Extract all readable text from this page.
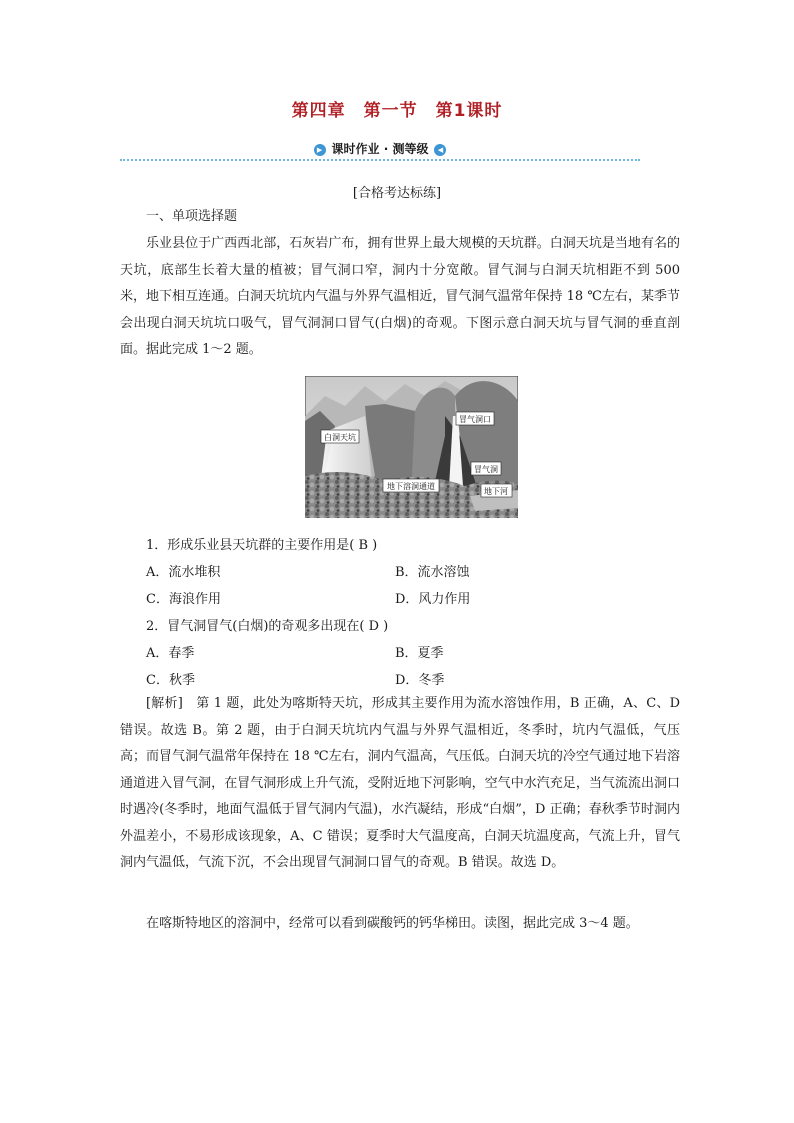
第四章　第一节　第1课时
▶ 课时作业 · 测等级 ◀
[合格考达标练]

一、单项选择题

乐业县位于广西西北部，石灰岩广布，拥有世界上最大规模的天坑群。白洞天坑是当地有名的天坑，底部生长着大量的植被；冒气洞口窄，洞内十分宽敞。冒气洞与白洞天坑相距不到 500 米，地下相互连通。白洞天坑坑内气温与外界气温相近，冒气洞气温常年保持 18 ℃左右，某季节会出现白洞天坑坑口吸气，冒气洞洞口冒气(白烟)的奇观。下图示意白洞天坑与冒气洞的垂直剖面。据此完成 1～2 题。

白洞天坑
冒气洞口
冒气洞
地下溶洞通道
地下河
1．形成乐业县天坑群的主要作用是( B )
A．流水堆积	B．流水溶蚀
C．海浪作用	D．风力作用
2．冒气洞冒气(白烟)的奇观多出现在( D )
A．春季	B．夏季
C．秋季	D．冬季

[解析]　第 1 题，此处为喀斯特天坑，形成其主要作用为流水溶蚀作用，B 正确，A、C、D 错误。故选 B。第 2 题，由于白洞天坑坑内气温与外界气温相近，冬季时，坑内气温低，气压高；而冒气洞气温常年保持在 18 ℃左右，洞内气温高，气压低。白洞天坑的冷空气通过地下岩溶通道进入冒气洞，在冒气洞形成上升气流，受附近地下河影响，空气中水汽充足，当气流流出洞口时遇冷(冬季时，地面气温低于冒气洞内气温)，水汽凝结，形成“白烟”，D 正确；春秋季节时洞内外温差小，不易形成该现象，A、C 错误；夏季时大气温度高，白洞天坑温度高，气流上升，冒气洞内气温低，气流下沉，不会出现冒气洞洞口冒气的奇观。B 错误。故选 D。

在喀斯特地区的溶洞中，经常可以看到碳酸钙的钙华梯田。读图，据此完成 3～4 题。
